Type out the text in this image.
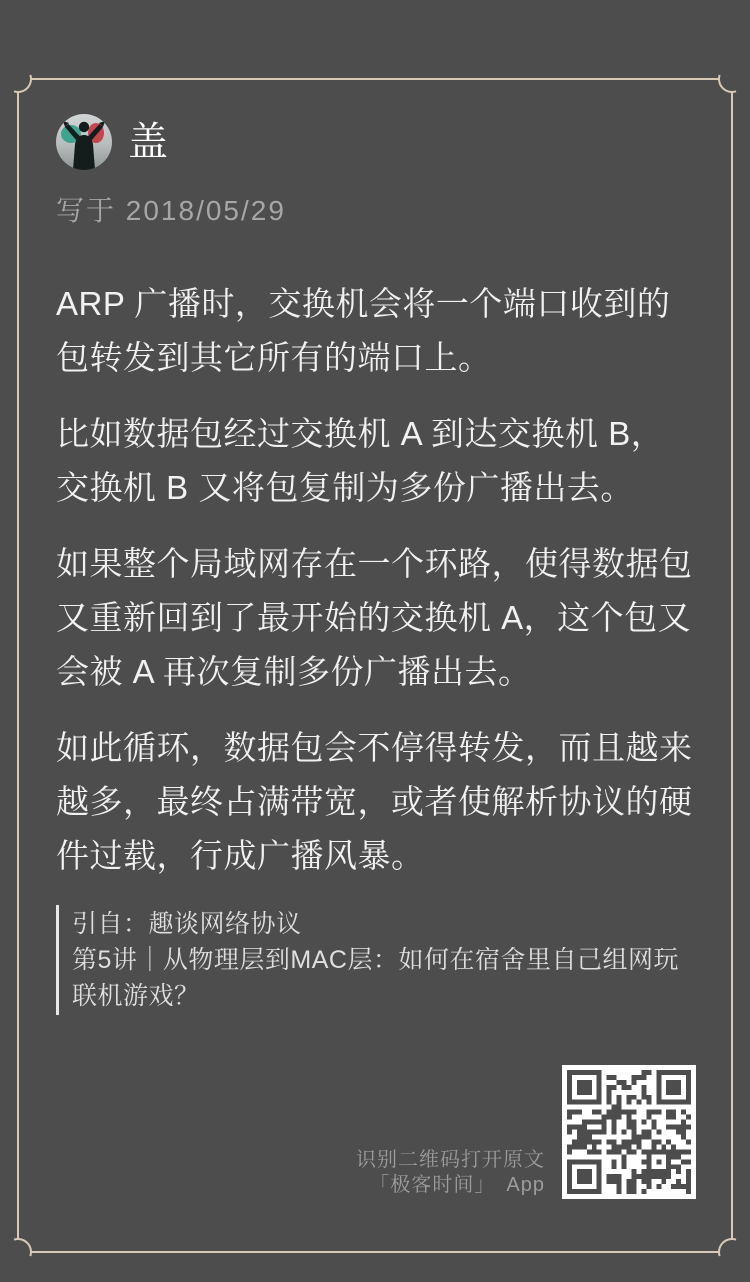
盖
写于 2018/05/29

ARP 广播时，交换机会将一个端口收到的包转发到其它所有的端口上。

比如数据包经过交换机 A 到达交换机 B，交换机 B 又将包复制为多份广播出去。

如果整个局域网存在一个环路，使得数据包又重新回到了最开始的交换机 A，这个包又会被 A 再次复制多份广播出去。

如此循环，数据包会不停得转发，而且越来越多，最终占满带宽，或者使解析协议的硬件过载，行成广播风暴。

引自：趣谈网络协议

第5讲｜从物理层到MAC层：如何在宿舍里自己组网玩联机游戏？

识别二维码打开原文
「极客时间」　App
